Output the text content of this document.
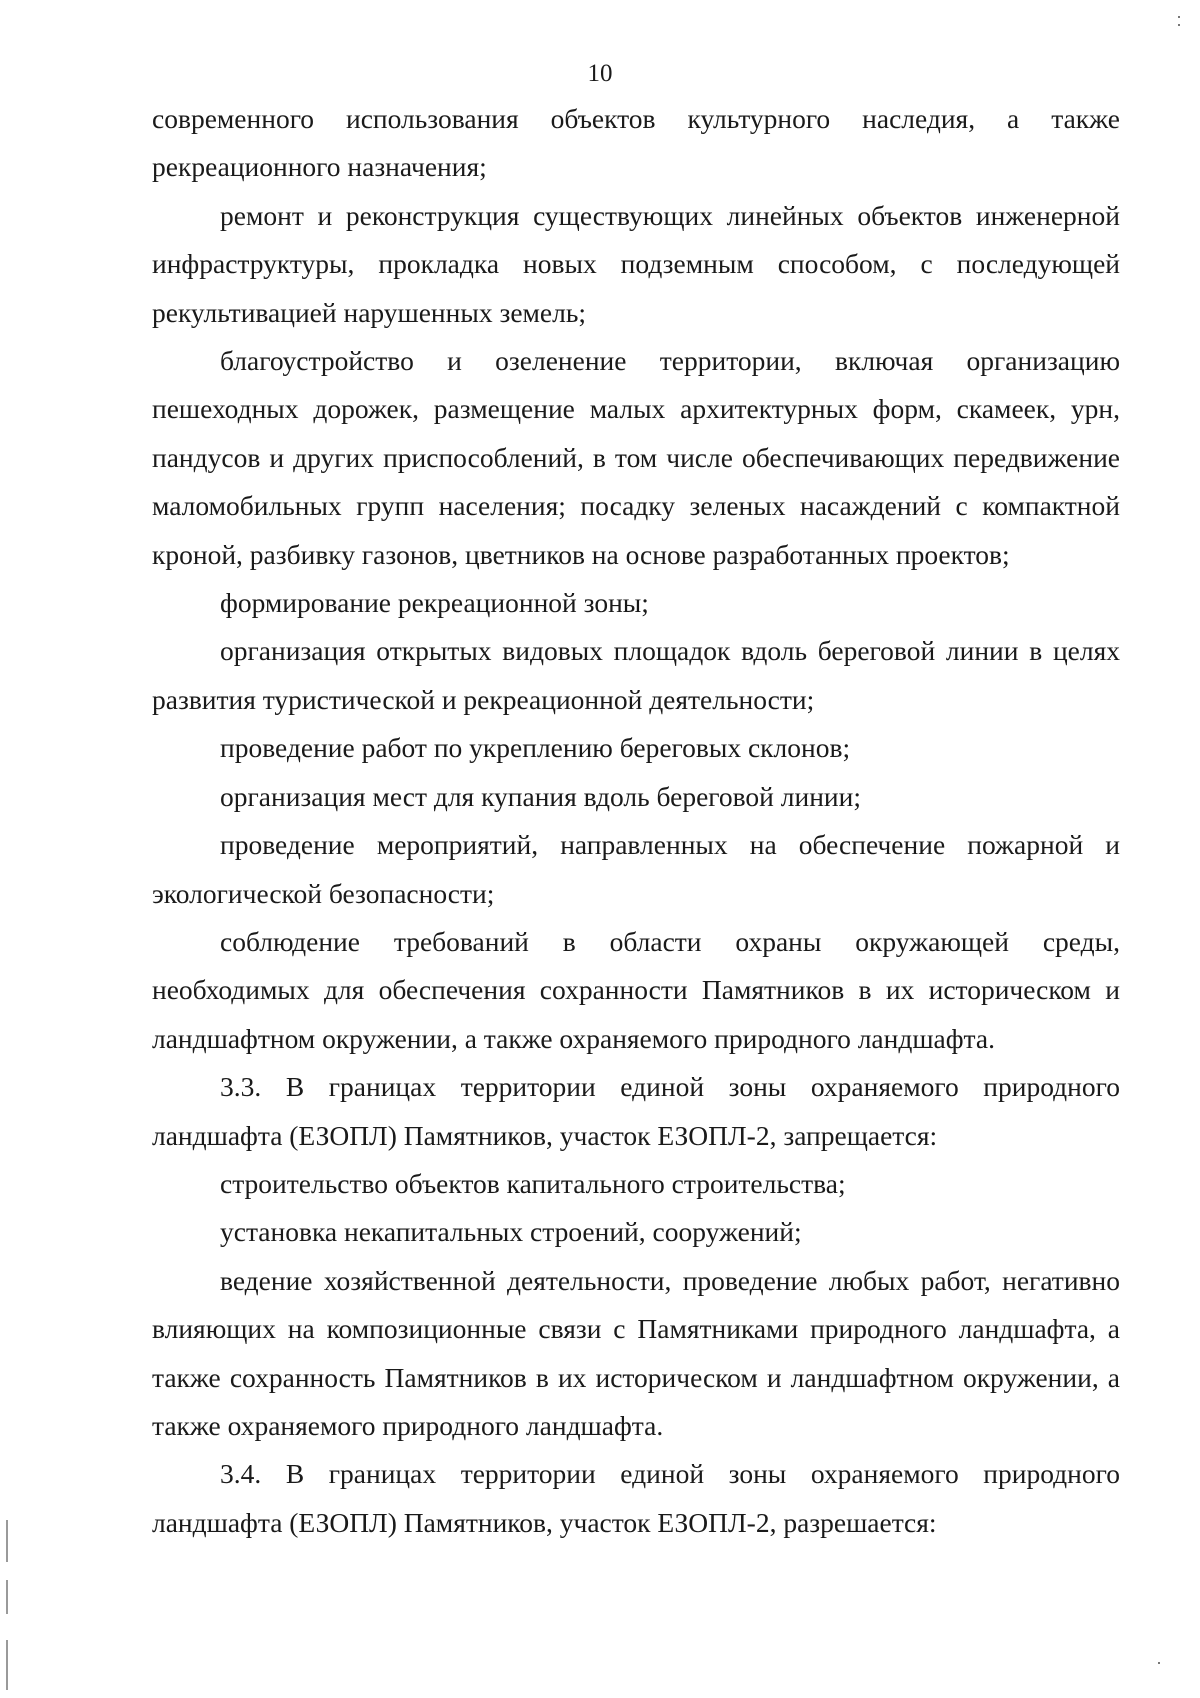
10

современного использования объектов культурного наследия, а также рекреационного назначения;

ремонт и реконструкция существующих линейных объектов инженерной инфраструктуры, прокладка новых подземным способом, с последующей рекультивацией нарушенных земель;

благоустройство и озеленение территории, включая организацию пешеходных дорожек, размещение малых архитектурных форм, скамеек, урн, пандусов и других приспособлений, в том числе обеспечивающих передвижение маломобильных групп населения; посадку зеленых насаждений с компактной кроной, разбивку газонов, цветников на основе разработанных проектов;

формирование рекреационной зоны;

организация открытых видовых площадок вдоль береговой линии в целях развития туристической и рекреационной деятельности;

проведение работ по укреплению береговых склонов;

организация мест для купания вдоль береговой линии;

проведение мероприятий, направленных на обеспечение пожарной и экологической безопасности;

соблюдение требований в области охраны окружающей среды, необходимых для обеспечения сохранности Памятников в их историческом и ландшафтном окружении, а также охраняемого природного ландшафта.

3.3. В границах территории единой зоны охраняемого природного ландшафта (ЕЗОПЛ) Памятников, участок ЕЗОПЛ-2, запрещается:

строительство объектов капитального строительства;

установка некапитальных строений, сооружений;

ведение хозяйственной деятельности, проведение любых работ, негативно влияющих на композиционные связи с Памятниками природного ландшафта, а также сохранность Памятников в их историческом и ландшафтном окружении, а также охраняемого природного ландшафта.

3.4. В границах территории единой зоны охраняемого природного ландшафта (ЕЗОПЛ) Памятников, участок ЕЗОПЛ-2, разрешается:
